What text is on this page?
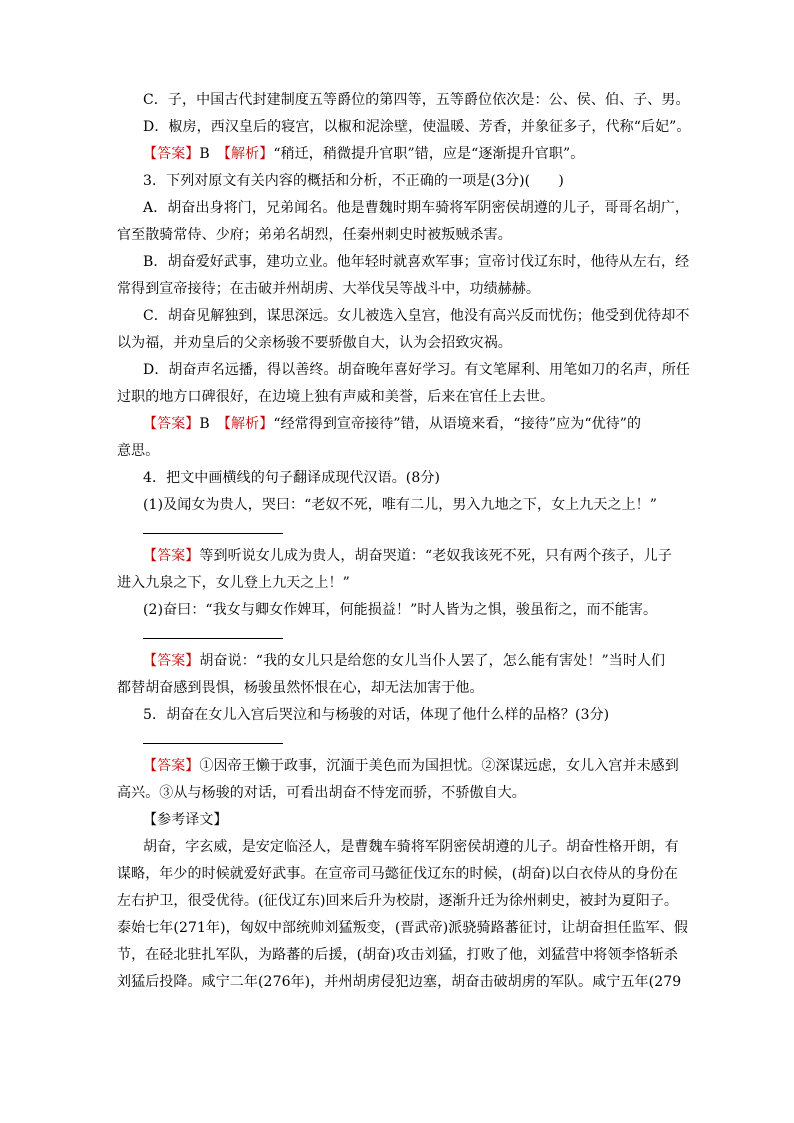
C．子，中国古代封建制度五等爵位的第四等，五等爵位依次是：公、侯、伯、子、男。
D．椒房，西汉皇后的寝宫，以椒和泥涂壁，使温暖、芳香，并象征多子，代称“后妃”。
【答案】B　【解析】“稍迁，稍微提升官职”错，应是“逐渐提升官职”。
3．下列对原文有关内容的概括和分析，不正确的一项是(3分)(　　)
A．胡奋出身将门，兄弟闻名。他是曹魏时期车骑将军阴密侯胡遵的儿子，哥哥名胡广，
官至散骑常侍、少府；弟弟名胡烈，任秦州刺史时被叛贼杀害。
B．胡奋爱好武事，建功立业。他年轻时就喜欢军事；宣帝讨伐辽东时，他待从左右，经
常得到宣帝接待；在击破并州胡虏、大举伐吴等战斗中，功绩赫赫。
C．胡奋见解独到，谋思深远。女儿被选入皇宫，他没有高兴反而忧伤；他受到优待却不
以为福，并劝皇后的父亲杨骏不要骄傲自大，认为会招致灾祸。
D．胡奋声名远播，得以善终。胡奋晚年喜好学习。有文笔犀利、用笔如刀的名声，所任
过职的地方口碑很好，在边境上独有声威和美誉，后来在官任上去世。
【答案】B　【解析】“经常得到宣帝接待”错，从语境来看，“接待”应为“优待”的
意思。
4．把文中画横线的句子翻译成现代汉语。(8分)
(1)及闻女为贵人，哭曰：“老奴不死，唯有二儿，男入九地之下，女上九天之上！”
【答案】等到听说女儿成为贵人，胡奋哭道：“老奴我该死不死，只有两个孩子，儿子
进入九泉之下，女儿登上九天之上！”
(2)奋曰：“我女与卿女作婢耳，何能损益！”时人皆为之惧，骏虽衔之，而不能害。
【答案】胡奋说：“我的女儿只是给您的女儿当仆人罢了，怎么能有害处！”当时人们
都替胡奋感到畏惧，杨骏虽然怀恨在心，却无法加害于他。
5．胡奋在女儿入宫后哭泣和与杨骏的对话，体现了他什么样的品格？(3分)
【答案】①因帝王懒于政事，沉湎于美色而为国担忧。②深谋远虑，女儿入宫并未感到
高兴。③从与杨骏的对话，可看出胡奋不恃宠而骄，不骄傲自大。
【参考译文】
胡奋，字玄威，是安定临泾人，是曹魏车骑将军阴密侯胡遵的儿子。胡奋性格开朗，有
谋略，年少的时候就爱好武事。在宣帝司马懿征伐辽东的时候，(胡奋)以白衣侍从的身份在
左右护卫，很受优待。(征伐辽东)回来后升为校尉，逐渐升迁为徐州刺史，被封为夏阳子。
泰始七年(271年)，匈奴中部统帅刘猛叛变，(晋武帝)派骁骑路蕃征讨，让胡奋担任监军、假
节，在硁北驻扎军队，为路蕃的后援，(胡奋)攻击刘猛，打败了他，刘猛营中将领李恪斩杀
刘猛后投降。咸宁二年(276年)，并州胡虏侵犯边塞，胡奋击破胡虏的军队。咸宁五年(279
